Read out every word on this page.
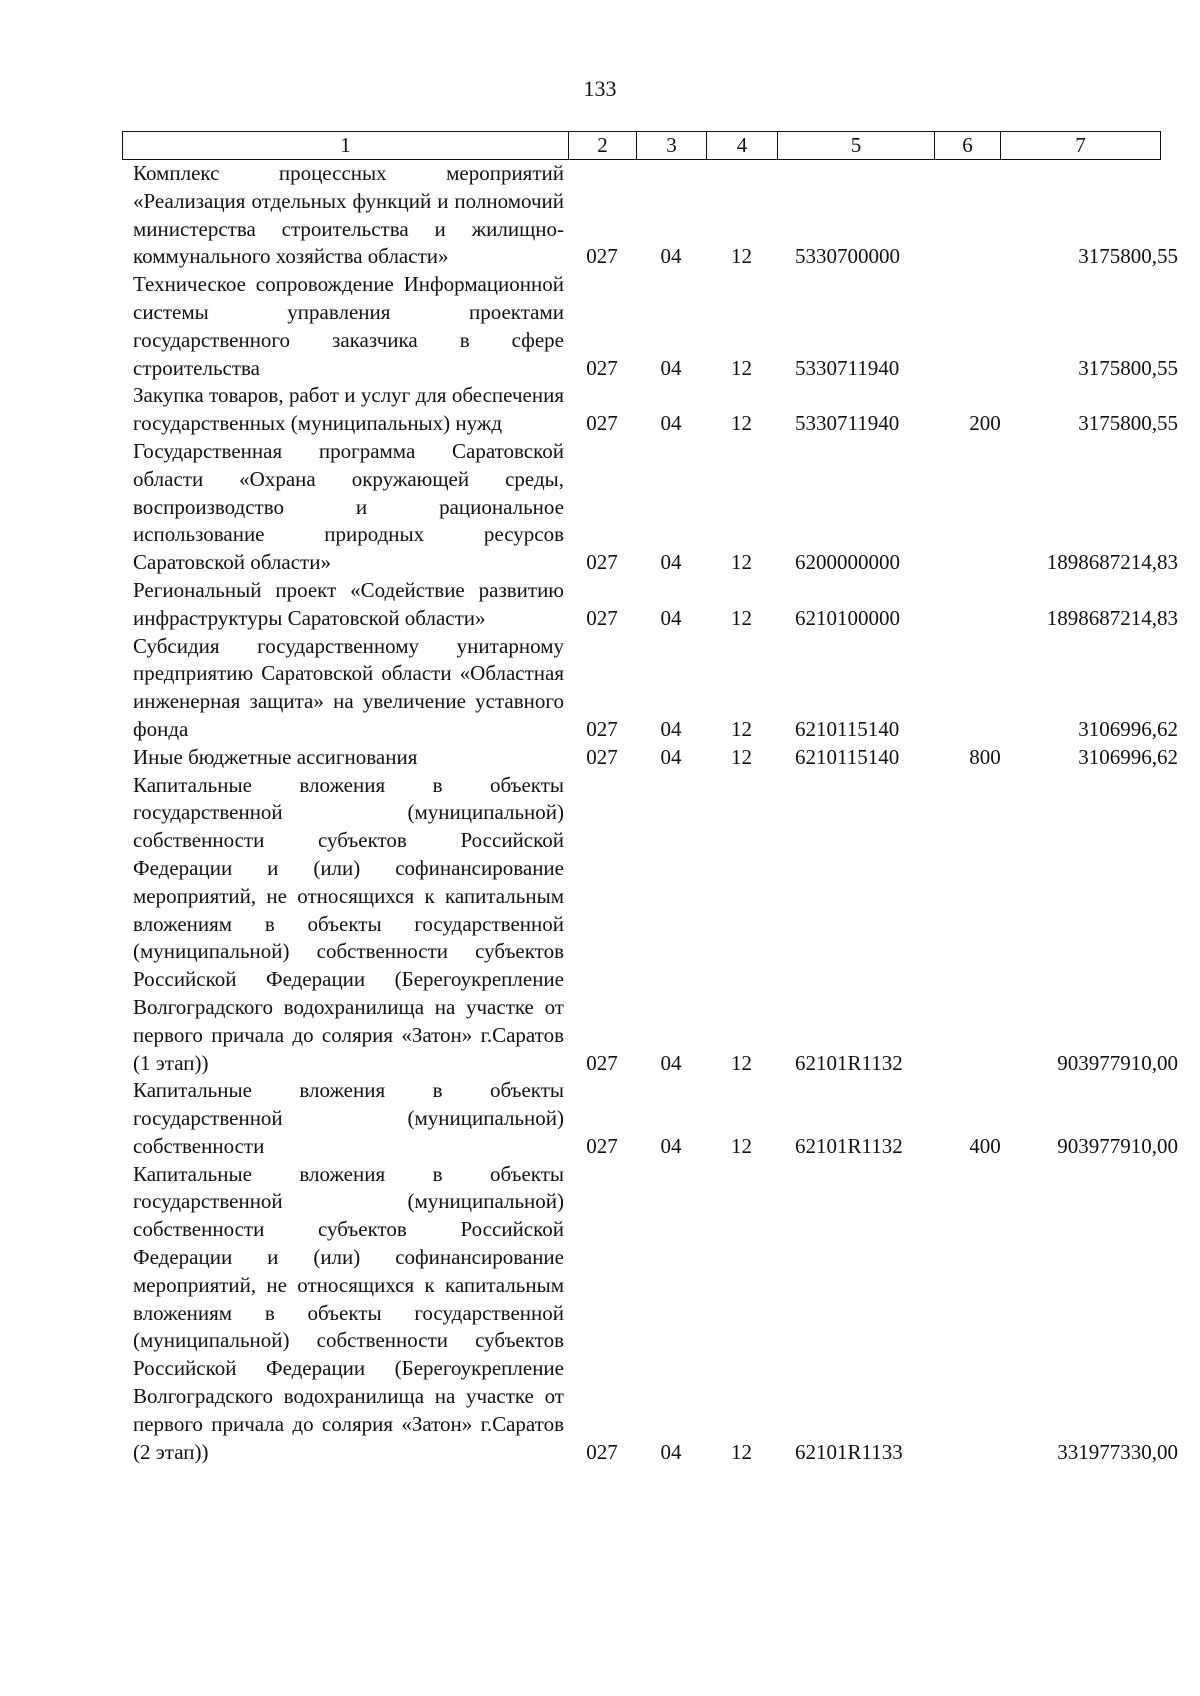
133
1	2	3	4	5	6	7
Комплекс процессных мероприятий «Реализация отдельных функций и полномочий министерства строительства и жилищно-коммунального хозяйства области»	027	04	12	5330700000		3175800,55
Техническое сопровождение Информационной системы управления проектами государственного заказчика в сфере строительства	027	04	12	5330711940		3175800,55
Закупка товаров, работ и услуг для обеспечения государственных (муниципальных) нужд	027	04	12	5330711940	200	3175800,55
Государственная программа Саратовской области «Охрана окружающей среды, воспроизводство и рациональное использование природных ресурсов Саратовской области»	027	04	12	6200000000		1898687214,83
Региональный проект «Содействие развитию инфраструктуры Саратовской области»	027	04	12	6210100000		1898687214,83
Субсидия государственному унитарному предприятию Саратовской области «Областная инженерная защита» на увеличение уставного фонда	027	04	12	6210115140		3106996,62
Иные бюджетные ассигнования	027	04	12	6210115140	800	3106996,62
Капитальные вложения в объекты государственной (муниципальной) собственности субъектов Российской Федерации и (или) софинансирование мероприятий, не относящихся к капитальным вложениям в объекты государственной (муниципальной) собственности субъектов Российской Федерации (Берегоукрепление Волгоградского водохранилища на участке от первого причала до солярия «Затон» г.Саратов (1 этап))	027	04	12	62101R1132		903977910,00
Капитальные вложения в объекты государственной (муниципальной) собственности	027	04	12	62101R1132	400	903977910,00
Капитальные вложения в объекты государственной (муниципальной) собственности субъектов Российской Федерации и (или) софинансирование мероприятий, не относящихся к капитальным вложениям в объекты государственной (муниципальной) собственности субъектов Российской Федерации (Берегоукрепление Волгоградского водохранилища на участке от первого причала до солярия «Затон» г.Саратов (2 этап))	027	04	12	62101R1133		331977330,00
